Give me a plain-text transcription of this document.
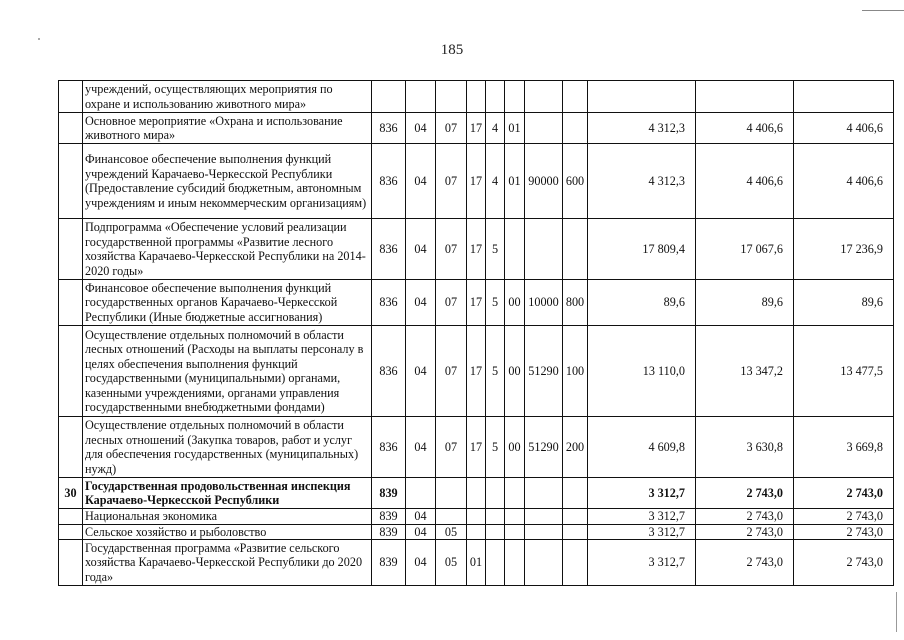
185
	учреждений, осуществляющих мероприятия по охране и использованию животного мира»											
	Основное мероприятие «Охрана и использование животного мира»	836	04	07	17	4	01			4 312,3	4 406,6	4 406,6
	Финансовое обеспечение выполнения функций учреждений Карачаево-Черкесской Республики (Предоставление субсидий бюджетным, автономным учреждениям и иным некоммерческим организациям)	836	04	07	17	4	01	90000	600	4 312,3	4 406,6	4 406,6
	Подпрограмма «Обеспечение условий реализации государственной программы «Развитие лесного хозяйства Карачаево-Черкесской Республики на 2014-2020 годы»	836	04	07	17	5				17 809,4	17 067,6	17 236,9
	Финансовое обеспечение выполнения функций государственных органов Карачаево-Черкесской Республики (Иные бюджетные ассигнования)	836	04	07	17	5	00	10000	800	89,6	89,6	89,6
	Осуществление отдельных полномочий в области лесных отношений (Расходы на выплаты персоналу в целях обеспечения выполнения функций государственными (муниципальными) органами, казенными учреждениями, органами управления государственными внебюджетными фондами)	836	04	07	17	5	00	51290	100	13 110,0	13 347,2	13 477,5
	Осуществление отдельных полномочий в области лесных отношений (Закупка товаров, работ и услуг для обеспечения государственных (муниципальных) нужд)	836	04	07	17	5	00	51290	200	4 609,8	3 630,8	3 669,8
30	Государственная продовольственная инспекция Карачаево-Черкесской Республики	839								3 312,7	2 743,0	2 743,0
	Национальная экономика	839	04							3 312,7	2 743,0	2 743,0
	Сельское хозяйство и рыболовство	839	04	05						3 312,7	2 743,0	2 743,0
	Государственная программа «Развитие сельского хозяйства Карачаево-Черкесской Республики до 2020 года»	839	04	05	01					3 312,7	2 743,0	2 743,0
